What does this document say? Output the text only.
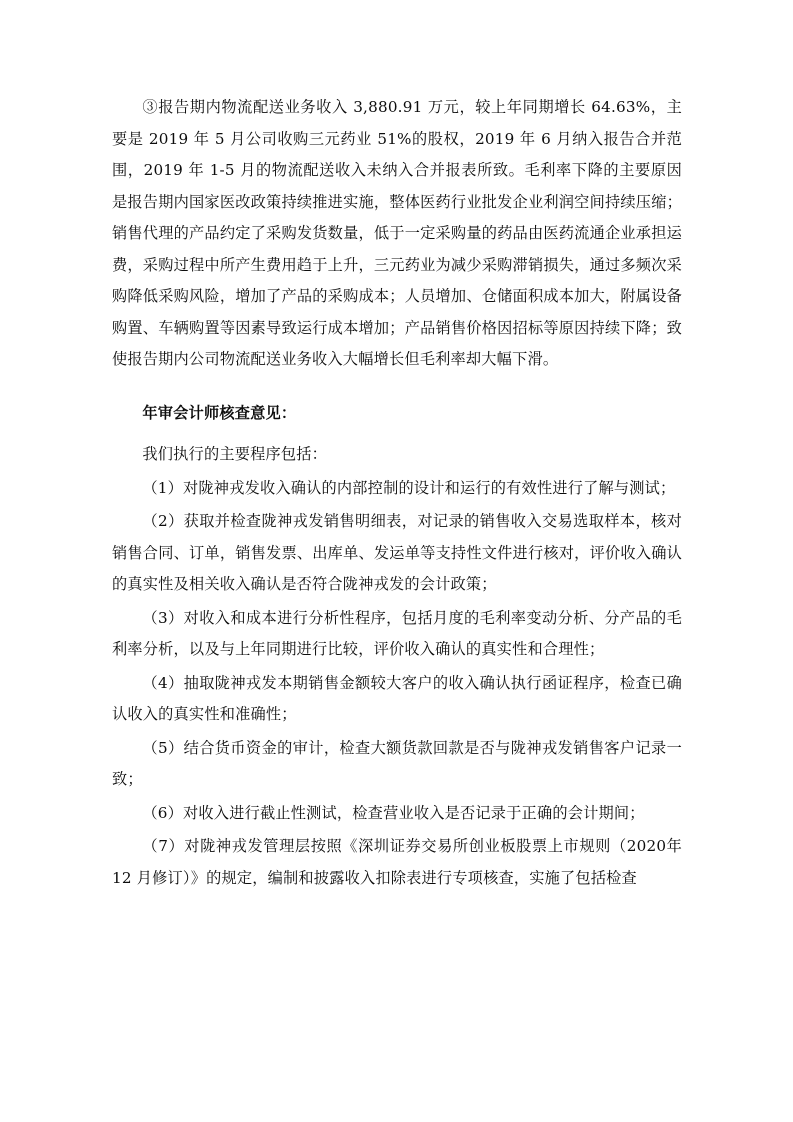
③报告期内物流配送业务收入 3,880.91 万元，较上年同期增长 64.63%，主要是 2019 年 5 月公司收购三元药业 51%的股权，2019 年 6 月纳入报告合并范围，2019 年 1-5 月的物流配送收入未纳入合并报表所致。毛利率下降的主要原因是报告期内国家医改政策持续推进实施，整体医药行业批发企业利润空间持续压缩；销售代理的产品约定了采购发货数量，低于一定采购量的药品由医药流通企业承担运费，采购过程中所产生费用趋于上升，三元药业为减少采购滞销损失，通过多频次采购降低采购风险，增加了产品的采购成本；人员增加、仓储面积成本加大，附属设备购置、车辆购置等因素导致运行成本增加；产品销售价格因招标等原因持续下降；致使报告期内公司物流配送业务收入大幅增长但毛利率却大幅下滑。

年审会计师核查意见：

我们执行的主要程序包括：

（1）对陇神戎发收入确认的内部控制的设计和运行的有效性进行了解与测试；

（2）获取并检查陇神戎发销售明细表，对记录的销售收入交易选取样本，核对销售合同、订单，销售发票、出库单、发运单等支持性文件进行核对，评价收入确认的真实性及相关收入确认是否符合陇神戎发的会计政策；

（3）对收入和成本进行分析性程序，包括月度的毛利率变动分析、分产品的毛利率分析，以及与上年同期进行比较，评价收入确认的真实性和合理性；

（4）抽取陇神戎发本期销售金额较大客户的收入确认执行函证程序，检查已确认收入的真实性和准确性；

（5）结合货币资金的审计，检查大额货款回款是否与陇神戎发销售客户记录一致；

（6）对收入进行截止性测试，检查营业收入是否记录于正确的会计期间；

（7）对陇神戎发管理层按照《深圳证券交易所创业板股票上市规则（2020年 12 月修订）》的规定，编制和披露收入扣除表进行专项核查，实施了包括检查
